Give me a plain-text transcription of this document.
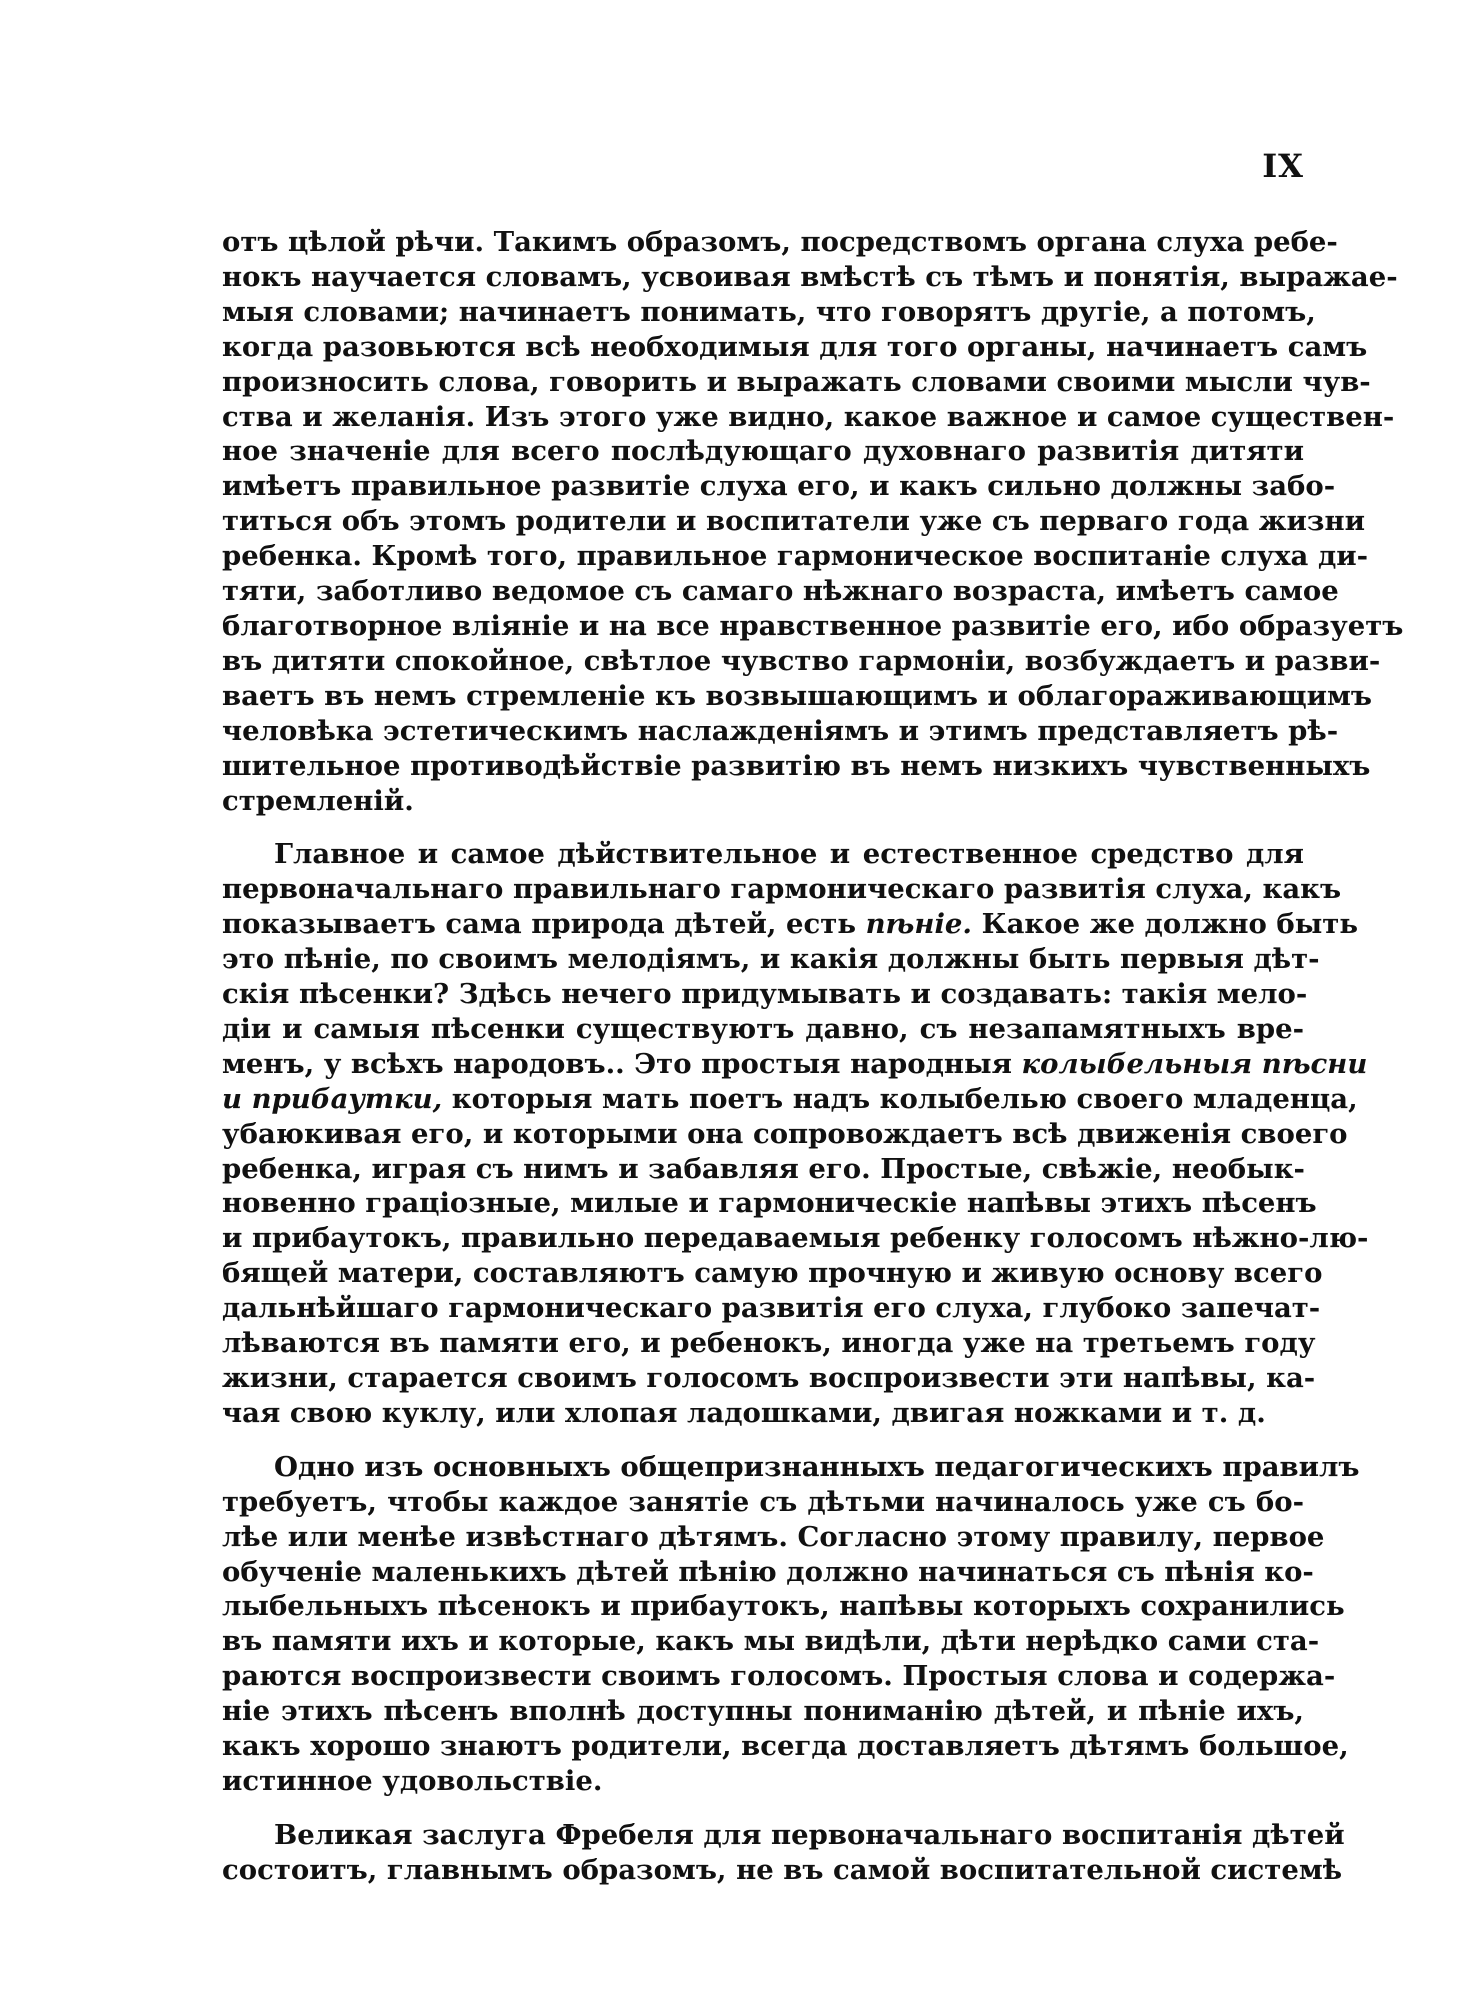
IX

отъ цѣлой рѣчи. Такимъ образомъ, посредствомъ органа слуха ребе-
нокъ научается словамъ, усвоивая вмѣстѣ съ тѣмъ и понятія, выражае-
мыя словами; начинаетъ понимать, что говорятъ другіе, а потомъ,
когда разовьются всѣ необходимыя для того органы, начинаетъ самъ
произносить слова, говорить и выражать словами своими мысли чув-
ства и желанія. Изъ этого уже видно, какое важное и самое существен-
ное значеніе для всего послѣдующаго духовнаго развитія дитяти
имѣетъ правильное развитіе слуха его, и какъ сильно должны забо-
титься объ этомъ родители и воспитатели уже съ перваго года жизни
ребенка. Кромѣ того, правильное гармоническое воспитаніе слуха ди-
тяти, заботливо ведомое съ самаго нѣжнаго возраста, имѣетъ самое
благотворное вліяніе и на все нравственное развитіе его, ибо образуетъ
въ дитяти спокойное, свѣтлое чувство гармоніи, возбуждаетъ и разви-
ваетъ въ немъ стремленіе къ возвышающимъ и облагораживающимъ
человѣка эстетическимъ наслажденіямъ и этимъ представляетъ рѣ-
шительное противодѣйствіе развитію въ немъ низкихъ чувственныхъ
стремленій.

Главное и самое дѣйствительное и естественное средство для
первоначальнаго правильнаго гармоническаго развитія слуха, какъ
показываетъ сама природа дѣтей, есть пѣніе. Какое же должно быть
это пѣніе, по своимъ мелодіямъ, и какія должны быть первыя дѣт-
скія пѣсенки? Здѣсь нечего придумывать и создавать: такія мело-
діи и самыя пѣсенки существуютъ давно, съ незапамятныхъ вре-
менъ, у всѣхъ народовъ.. Это простыя народныя колыбельныя пѣсни
и прибаутки, которыя мать поетъ надъ колыбелью своего младенца,
убаюкивая его, и которыми она сопровождаетъ всѣ движенія своего
ребенка, играя съ нимъ и забавляя его. Простые, свѣжіе, необык-
новенно граціозные, милые и гармоническіе напѣвы этихъ пѣсенъ
и прибаутокъ, правильно передаваемыя ребенку голосомъ нѣжно-лю-
бящей матери, составляютъ самую прочную и живую основу всего
дальнѣйшаго гармоническаго развитія его слуха, глубоко запечат-
лѣваются въ памяти его, и ребенокъ, иногда уже на третьемъ году
жизни, старается своимъ голосомъ воспроизвести эти напѣвы, ка-
чая свою куклу, или хлопая ладошками, двигая ножками и т. д.

Одно изъ основныхъ общепризнанныхъ педагогическихъ правилъ
требуетъ, чтобы каждое занятіе съ дѣтьми начиналось уже съ бо-
лѣе или менѣе извѣстнаго дѣтямъ. Согласно этому правилу, первое
обученіе маленькихъ дѣтей пѣнію должно начинаться съ пѣнія ко-
лыбельныхъ пѣсенокъ и прибаутокъ, напѣвы которыхъ сохранились
въ памяти ихъ и которые, какъ мы видѣли, дѣти нерѣдко сами ста-
раются воспроизвести своимъ голосомъ. Простыя слова и содержа-
ніе этихъ пѣсенъ вполнѣ доступны пониманію дѣтей, и пѣніе ихъ,
какъ хорошо знаютъ родители, всегда доставляетъ дѣтямъ большое,
истинное удовольствіе.

Великая заслуга Фребеля для первоначальнаго воспитанія дѣтей
состоитъ, главнымъ образомъ, не въ самой воспитательной системѣ
